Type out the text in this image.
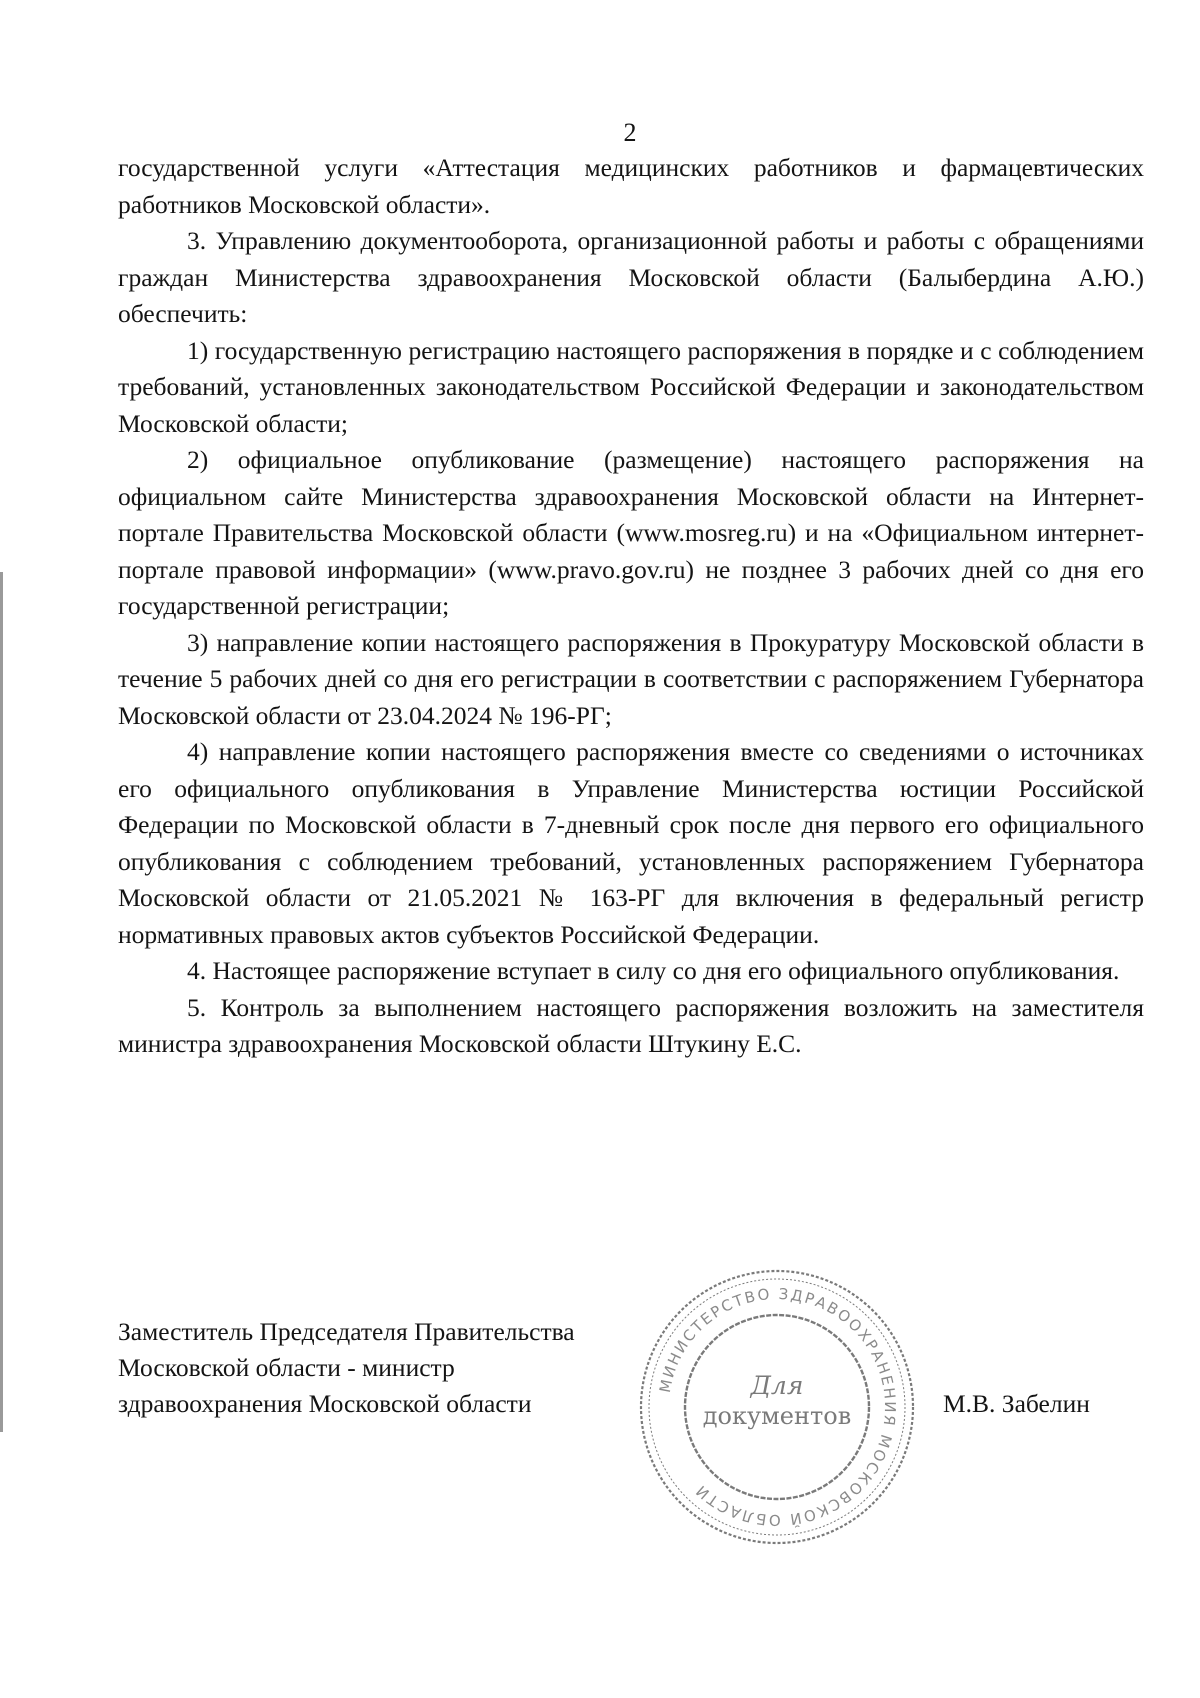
2

государственной услуги «Аттестация медицинских работников и фармацевтических работников Московской области».

3. Управлению документооборота, организационной работы и работы с обращениями граждан Министерства здравоохранения Московской области (Балыбердина А.Ю.) обеспечить:

1) государственную регистрацию настоящего распоряжения в порядке и с соблюдением требований, установленных законодательством Российской Федерации и законодательством Московской области;

2) официальное опубликование (размещение) настоящего распоряжения на официальном сайте Министерства здравоохранения Московской области на Интернет-портале Правительства Московской области (www.mosreg.ru) и на «Официальном интернет-портале правовой информации» (www.pravo.gov.ru) не позднее 3 рабочих дней со дня его государственной регистрации;

3) направление копии настоящего распоряжения в Прокуратуру Московской области в течение 5 рабочих дней со дня его регистрации в соответствии с распоряжением Губернатора Московской области от 23.04.2024 № 196-РГ;

4) направление копии настоящего распоряжения вместе со сведениями о источниках его официального опубликования в Управление Министерства юстиции Российской Федерации по Московской области в 7-дневный срок после дня первого его официального опубликования с соблюдением требований, установленных распоряжением Губернатора Московской области от 21.05.2021 № 163-РГ для включения в федеральный регистр нормативных правовых актов субъектов Российской Федерации.

4. Настоящее распоряжение вступает в силу со дня его официального опубликования.

5. Контроль за выполнением настоящего распоряжения возложить на заместителя министра здравоохранения Московской области Штукину Е.С.

Заместитель Председателя Правительства
Московской области - министр
здравоохранения Московской области
МИНИСТЕРСТВО ЗДРАВООХРАНЕНИЯ МОСКОВСКОЙ ОБЛАСТИ
Для
документов	М.В. Забелин
